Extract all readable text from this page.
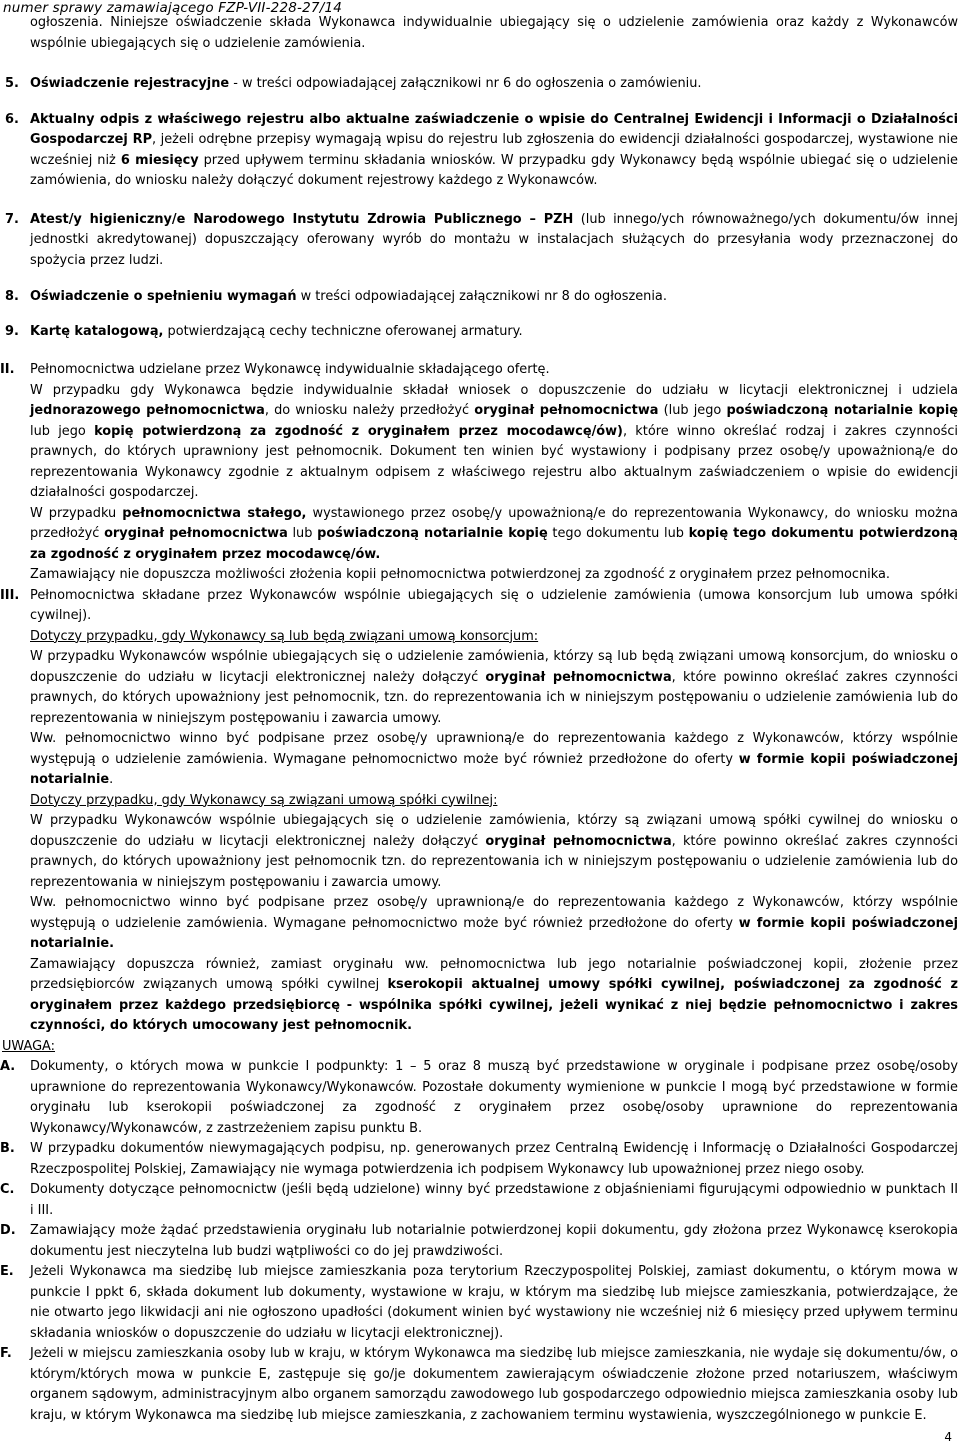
numer sprawy zamawiającego FZP-VII-228-27/14
ogłoszenia. Niniejsze oświadczenie składa Wykonawca indywidualnie ubiegający się o udzielenie zamówienia oraz każdy z Wykonawców wspólnie ubiegających się o udzielenie zamówienia.
5. Oświadczenie rejestracyjne - w treści odpowiadającej załącznikowi nr 6 do ogłoszenia o zamówieniu.
6. Aktualny odpis z właściwego rejestru albo aktualne zaświadczenie o wpisie do Centralnej Ewidencji i Informacji o Działalności Gospodarczej RP, jeżeli odrębne przepisy wymagają wpisu do rejestru lub zgłoszenia do ewidencji działalności gospodarczej, wystawione nie wcześniej niż 6 miesięcy przed upływem terminu składania wniosków. W przypadku gdy Wykonawcy będą wspólnie ubiegać się o udzielenie zamówienia, do wniosku należy dołączyć dokument rejestrowy każdego z Wykonawców.
7. Atest/y higieniczny/e Narodowego Instytutu Zdrowia Publicznego – PZH (lub innego/ych równoważnego/ych dokumentu/ów innej jednostki akredytowanej) dopuszczający oferowany wyrób do montażu w instalacjach służących do przesyłania wody przeznaczonej do spożycia przez ludzi.
8. Oświadczenie o spełnieniu wymagań w treści odpowiadającej załącznikowi nr 8 do ogłoszenia.
9. Kartę katalogową, potwierdzającą cechy techniczne oferowanej armatury.
II. Pełnomocnictwa udzielane przez Wykonawcę indywidualnie składającego ofertę.
W przypadku gdy Wykonawca będzie indywidualnie składał wniosek o dopuszczenie do udziału w licytacji elektronicznej i udziela jednorazowego pełnomocnictwa, do wniosku należy przedłożyć oryginał pełnomocnictwa (lub jego poświadczoną notarialnie kopię lub jego kopię potwierdzoną za zgodność z oryginałem przez mocodawcę/ów), które winno określać rodzaj i zakres czynności prawnych, do których uprawniony jest pełnomocnik. Dokument ten winien być wystawiony i podpisany przez osobę/y upoważnioną/e do reprezentowania Wykonawcy zgodnie z aktualnym odpisem z właściwego rejestru albo aktualnym zaświadczeniem o wpisie do ewidencji działalności gospodarczej.
W przypadku pełnomocnictwa stałego, wystawionego przez osobę/y upoważnioną/e do reprezentowania Wykonawcy, do wniosku można przedłożyć oryginał pełnomocnictwa lub poświadczoną notarialnie kopię tego dokumentu lub kopię tego dokumentu potwierdzoną za zgodność z oryginałem przez mocodawcę/ów.
Zamawiający nie dopuszcza możliwości złożenia kopii pełnomocnictwa potwierdzonej za zgodność z oryginałem przez pełnomocnika.
III. Pełnomocnictwa składane przez Wykonawców wspólnie ubiegających się o udzielenie zamówienia (umowa konsorcjum lub umowa spółki cywilnej).
Dotyczy przypadku, gdy Wykonawcy są lub będą związani umową konsorcjum:
W przypadku Wykonawców wspólnie ubiegających się o udzielenie zamówienia, którzy są lub będą związani umową konsorcjum, do wniosku o dopuszczenie do udziału w licytacji elektronicznej należy dołączyć oryginał pełnomocnictwa, które powinno określać zakres czynności prawnych, do których upoważniony jest pełnomocnik, tzn. do reprezentowania ich w niniejszym postępowaniu o udzielenie zamówienia lub do reprezentowania w niniejszym postępowaniu i zawarcia umowy.
Ww. pełnomocnictwo winno być podpisane przez osobę/y uprawnioną/e do reprezentowania każdego z Wykonawców, którzy wspólnie występują o udzielenie zamówienia. Wymagane pełnomocnictwo może być również przedłożone do oferty w formie kopii poświadczonej notarialnie.
Dotyczy przypadku, gdy Wykonawcy są związani umową spółki cywilnej:
W przypadku Wykonawców wspólnie ubiegających się o udzielenie zamówienia, którzy są związani umową spółki cywilnej do wniosku o dopuszczenie do udziału w licytacji elektronicznej należy dołączyć oryginał pełnomocnictwa, które powinno określać zakres czynności prawnych, do których upoważniony jest pełnomocnik tzn. do reprezentowania ich w niniejszym postępowaniu o udzielenie zamówienia lub do reprezentowania w niniejszym postępowaniu i zawarcia umowy.
Ww. pełnomocnictwo winno być podpisane przez osobę/y uprawnioną/e do reprezentowania każdego z Wykonawców, którzy wspólnie występują o udzielenie zamówienia. Wymagane pełnomocnictwo może być również przedłożone do oferty w formie kopii poświadczonej notarialnie.
Zamawiający dopuszcza również, zamiast oryginału ww. pełnomocnictwa lub jego notarialnie poświadczonej kopii, złożenie przez przedsiębiorców związanych umową spółki cywilnej kserokopii aktualnej umowy spółki cywilnej, poświadczonej za zgodność z oryginałem przez każdego przedsiębiorcę - wspólnika spółki cywilnej, jeżeli wynikać z niej będzie pełnomocnictwo i zakres czynności, do których umocowany jest pełnomocnik.
UWAGA:
A. Dokumenty, o których mowa w punkcie I podpunkty: 1 – 5 oraz 8 muszą być przedstawione w oryginale i podpisane przez osobę/osoby uprawnione do reprezentowania Wykonawcy/Wykonawców. Pozostałe dokumenty wymienione w punkcie I mogą być przedstawione w formie oryginału lub kserokopii poświadczonej za zgodność z oryginałem przez osobę/osoby uprawnione do reprezentowania Wykonawcy/Wykonawców, z zastrzeżeniem zapisu punktu B.
B. W przypadku dokumentów niewymagających podpisu, np. generowanych przez Centralną Ewidencję i Informację o Działalności Gospodarczej Rzeczpospolitej Polskiej, Zamawiający nie wymaga potwierdzenia ich podpisem Wykonawcy lub upoważnionej przez niego osoby.
C. Dokumenty dotyczące pełnomocnictw (jeśli będą udzielone) winny być przedstawione z objaśnieniami figurującymi odpowiednio w punktach II i III.
D. Zamawiający może żądać przedstawienia oryginału lub notarialnie potwierdzonej kopii dokumentu, gdy złożona przez Wykonawcę kserokopia dokumentu jest nieczytelna lub budzi wątpliwości co do jej prawdziwości.
E. Jeżeli Wykonawca ma siedzibę lub miejsce zamieszkania poza terytorium Rzeczypospolitej Polskiej, zamiast dokumentu, o którym mowa w punkcie I ppkt 6, składa dokument lub dokumenty, wystawione w kraju, w którym ma siedzibę lub miejsce zamieszkania, potwierdzające, że nie otwarto jego likwidacji ani nie ogłoszono upadłości (dokument winien być wystawiony nie wcześniej niż 6 miesięcy przed upływem terminu składania wniosków o dopuszczenie do udziału w licytacji elektronicznej).
F. Jeżeli w miejscu zamieszkania osoby lub w kraju, w którym Wykonawca ma siedzibę lub miejsce zamieszkania, nie wydaje się dokumentu/ów, o którym/których mowa w punkcie E, zastępuje się go/je dokumentem zawierającym oświadczenie złożone przed notariuszem, właściwym organem sądowym, administracyjnym albo organem samorządu zawodowego lub gospodarczego odpowiednio miejsca zamieszkania osoby lub kraju, w którym Wykonawca ma siedzibę lub miejsce zamieszkania, z zachowaniem terminu wystawienia, wyszczególnionego w punkcie E.
4
